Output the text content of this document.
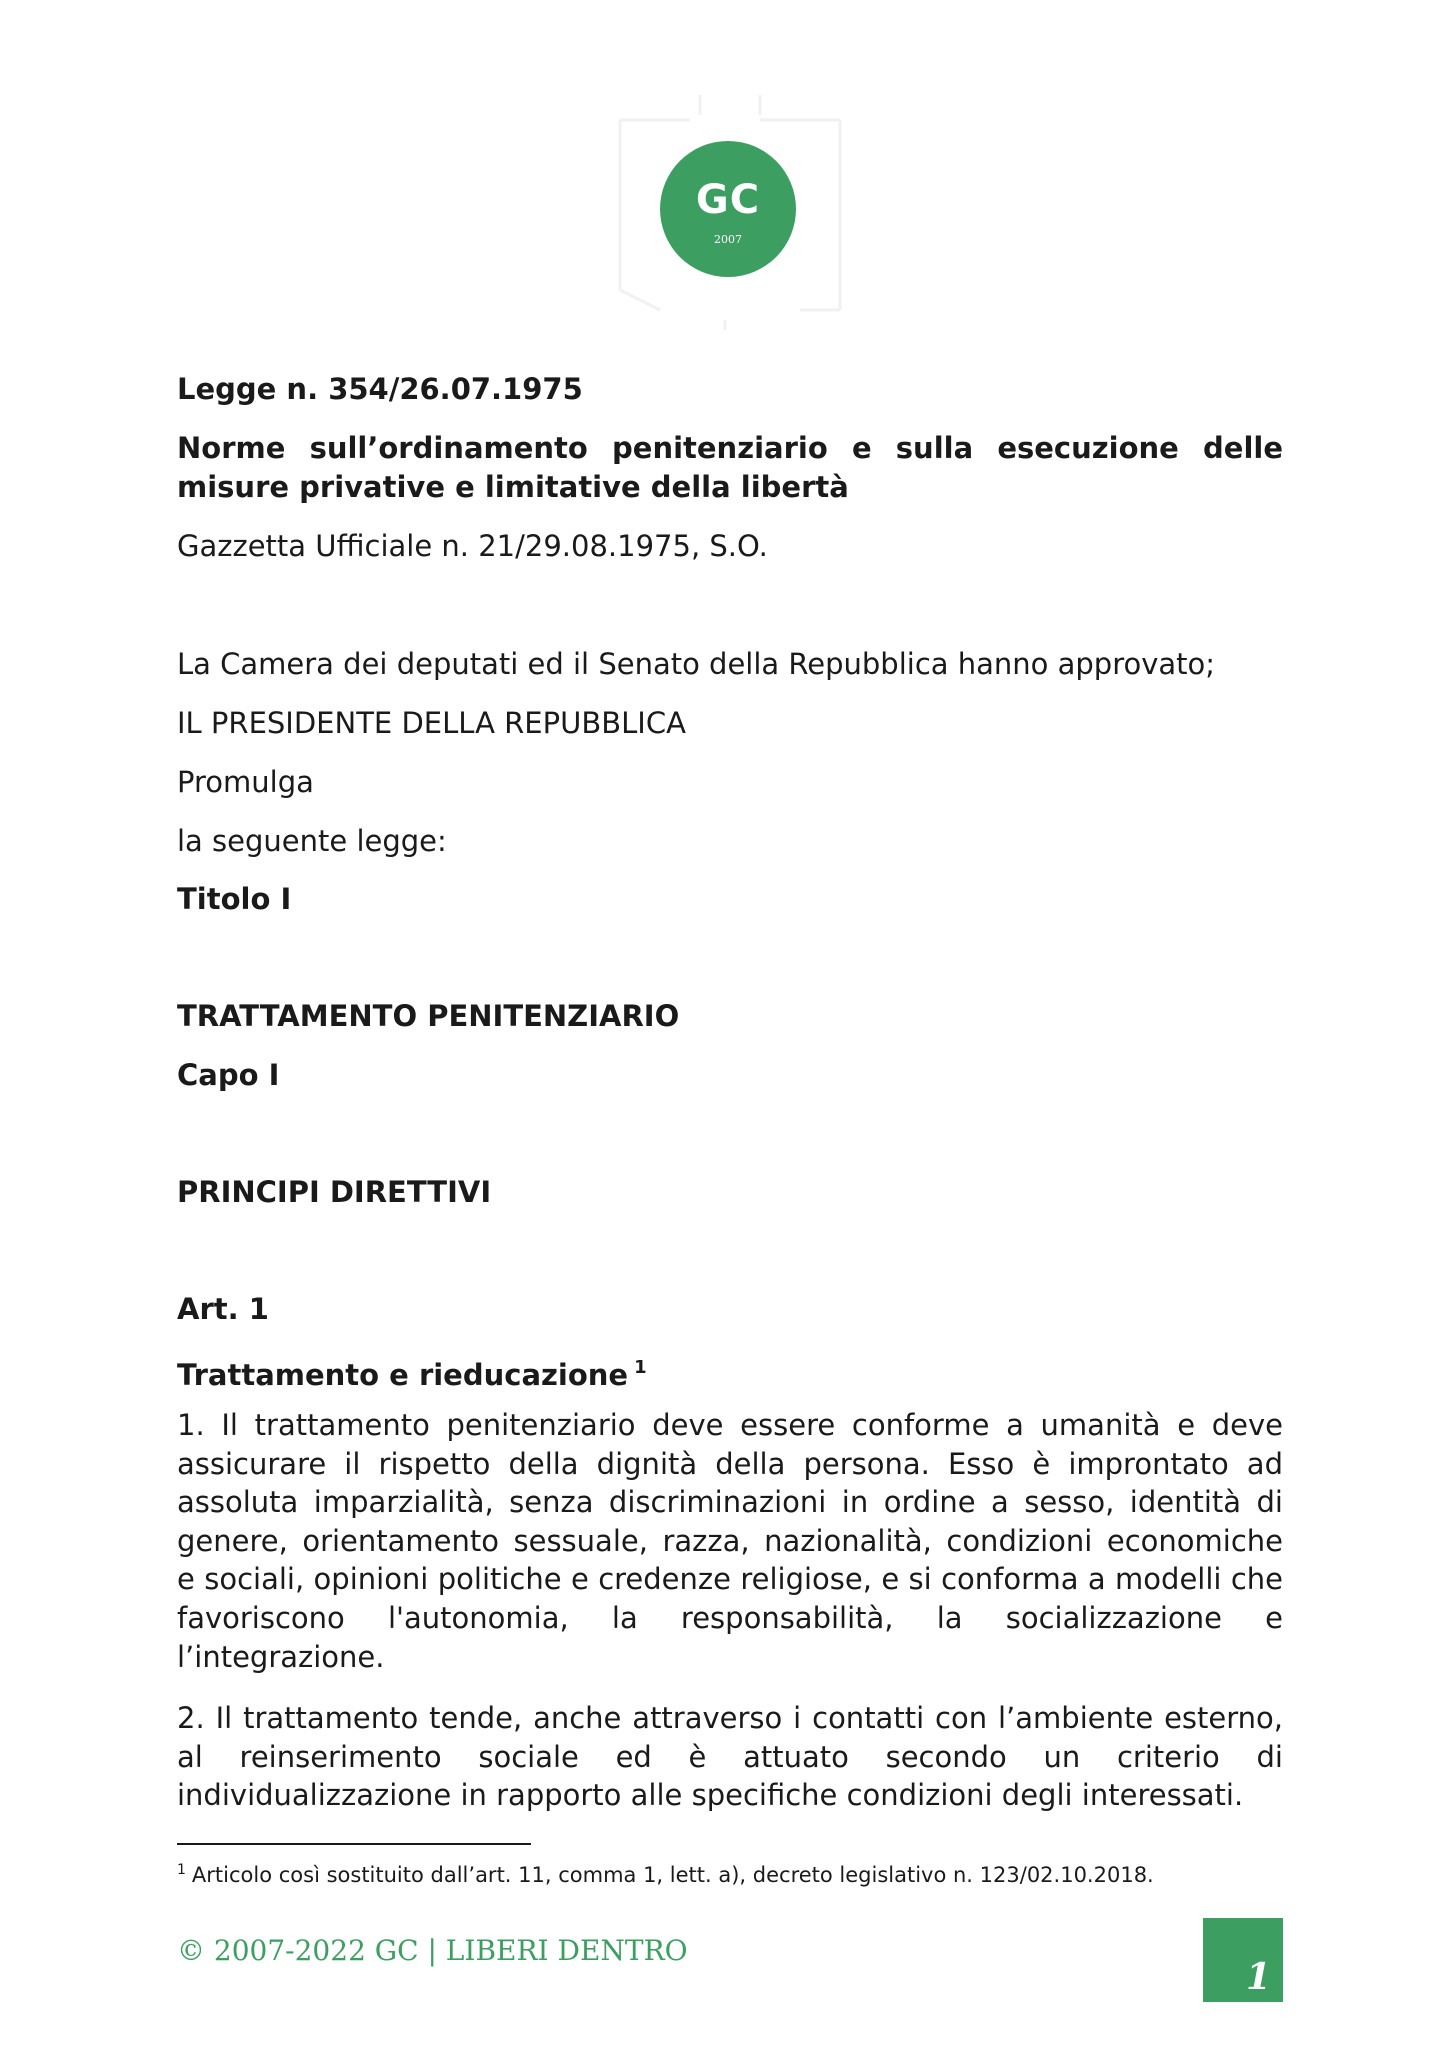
GC
2007
Legge n. 354/26.07.1975
Norme sull’ordinamento penitenziario e sulla esecuzione delle
misure privative e limitative della libertà
Gazzetta Ufficiale n. 21/29.08.1975, S.O.
La Camera dei deputati ed il Senato della Repubblica hanno approvato;
IL PRESIDENTE DELLA REPUBBLICA
Promulga
la seguente legge:
Titolo I
TRATTAMENTO PENITENZIARIO
Capo I
PRINCIPI DIRETTIVI
Art. 1
Trattamento e rieducazione $^1$
1. Il trattamento penitenziario deve essere conforme a umanità e deve
assicurare il rispetto della dignità della persona. Esso è improntato ad
assoluta imparzialità, senza discriminazioni in ordine a sesso, identità di
genere, orientamento sessuale, razza, nazionalità, condizioni economiche
e sociali, opinioni politiche e credenze religiose, e si conforma a modelli che
favoriscono l'autonomia, la responsabilità, la socializzazione e
l’integrazione.
2. Il trattamento tende, anche attraverso i contatti con l’ambiente esterno,
al reinserimento sociale ed è attuato secondo un criterio di
individualizzazione in rapporto alle specifiche condizioni degli interessati.
$^1$ Articolo così sostituito dall’art. 11, comma 1, lett. a), decreto legislativo n. 123/02.10.2018.
© 2007-2022 GC | LIBERI DENTRO
1
